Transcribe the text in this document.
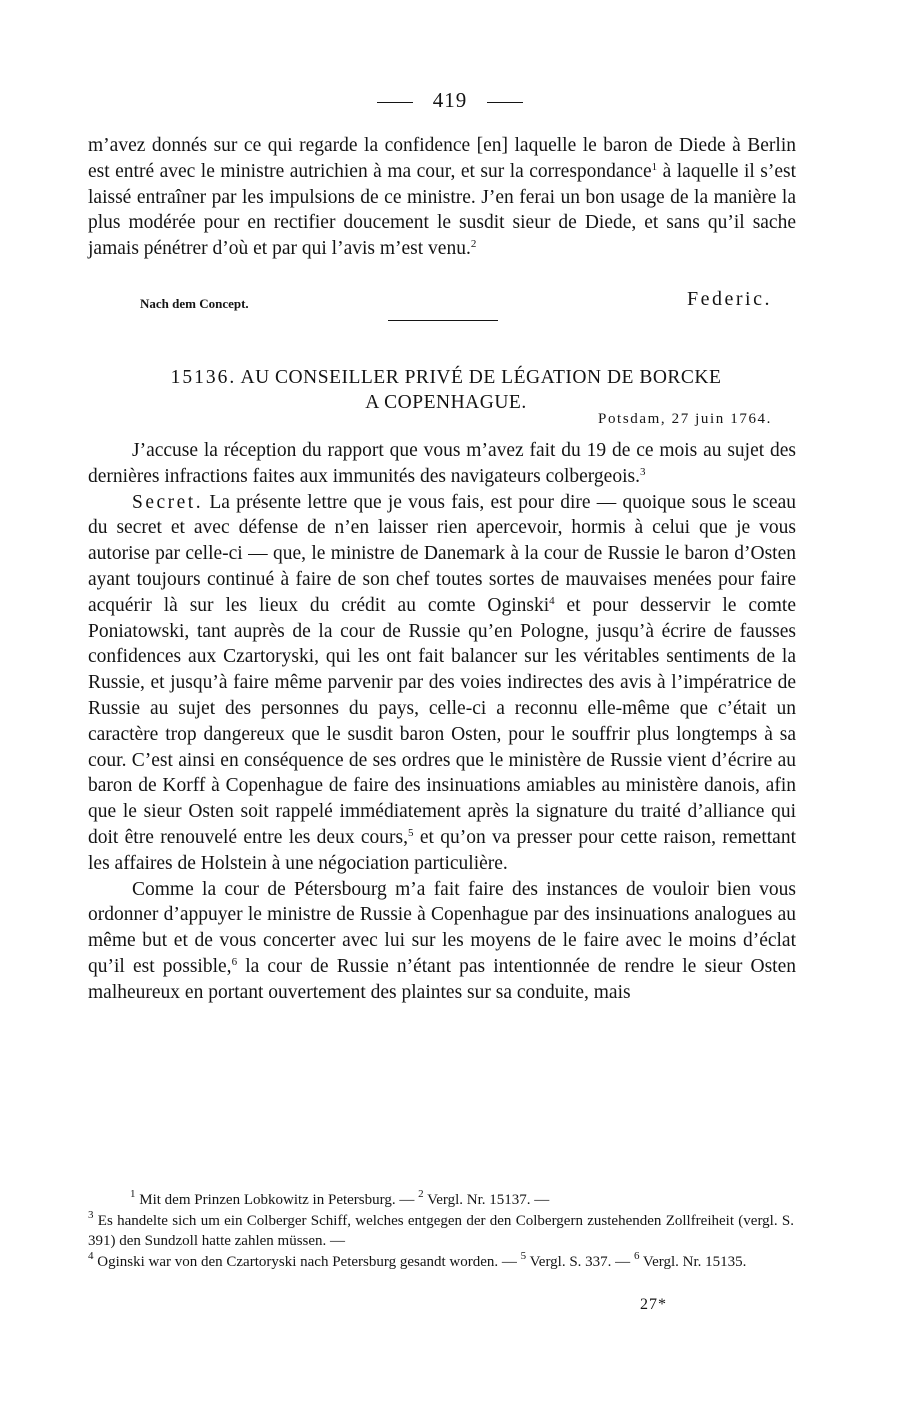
419

m’avez donnés sur ce qui regarde la confidence [en] laquelle le baron de Diede à Berlin est entré avec le ministre autrichien à ma cour, et sur la correspondance$^1$ à laquelle il s’est laissé entraîner par les impulsions de ce ministre. J’en ferai un bon usage de la manière la plus modérée pour en rectifier doucement le susdit sieur de Diede, et sans qu’il sache jamais pénétrer d’où et par qui l’avis m’est venu.$^2$

Nach dem Concept.	Federic.
15136. AU CONSEILLER PRIVÉ DE LÉGATION DE BORCKE
A COPENHAGUE.
Potsdam, 27 juin 1764.

J’accuse la réception du rapport que vous m’avez fait du 19 de ce mois au sujet des dernières infractions faites aux immunités des navigateurs colbergeois.$^3$

Secret. La présente lettre que je vous fais, est pour dire — quoique sous le sceau du secret et avec défense de n’en laisser rien apercevoir, hormis à celui que je vous autorise par celle-ci — que, le ministre de Danemark à la cour de Russie le baron d’Osten ayant toujours continué à faire de son chef toutes sortes de mauvaises menées pour faire acquérir là sur les lieux du crédit au comte Oginski$^4$ et pour desservir le comte Poniatowski, tant auprès de la cour de Russie qu’en Pologne, jusqu’à écrire de fausses confidences aux Czartoryski, qui les ont fait balancer sur les véritables sentiments de la Russie, et jusqu’à faire même parvenir par des voies indirectes des avis à l’impératrice de Russie au sujet des personnes du pays, celle-ci a reconnu elle-même que c’était un caractère trop dangereux que le susdit baron Osten, pour le souffrir plus longtemps à sa cour. C’est ainsi en conséquence de ses ordres que le ministère de Russie vient d’écrire au baron de Korff à Copenhague de faire des insinuations amiables au ministère danois, afin que le sieur Osten soit rappelé immédiatement après la signature du traité d’alliance qui doit être renouvelé entre les deux cours,$^5$ et qu’on va presser pour cette raison, remettant les affaires de Holstein à une négociation particulière.

Comme la cour de Pétersbourg m’a fait faire des instances de vouloir bien vous ordonner d’appuyer le ministre de Russie à Copenhague par des insinuations analogues au même but et de vous concerter avec lui sur les moyens de le faire avec le moins d’éclat qu’il est possible,$^6$ la cour de Russie n’étant pas intentionnée de rendre le sieur Osten malheureux en portant ouvertement des plaintes sur sa conduite, mais

$^1$ Mit dem Prinzen Lobkowitz in Petersburg. — $^2$ Vergl. Nr. 15137. —

$^3$ Es handelte sich um ein Colberger Schiff, welches entgegen der den Colbergern zustehenden Zollfreiheit (vergl. S. 391) den Sundzoll hatte zahlen müssen. —

$^4$ Oginski war von den Czartoryski nach Petersburg gesandt worden. — $^5$ Vergl. S. 337. — $^6$ Vergl. Nr. 15135.

27*
